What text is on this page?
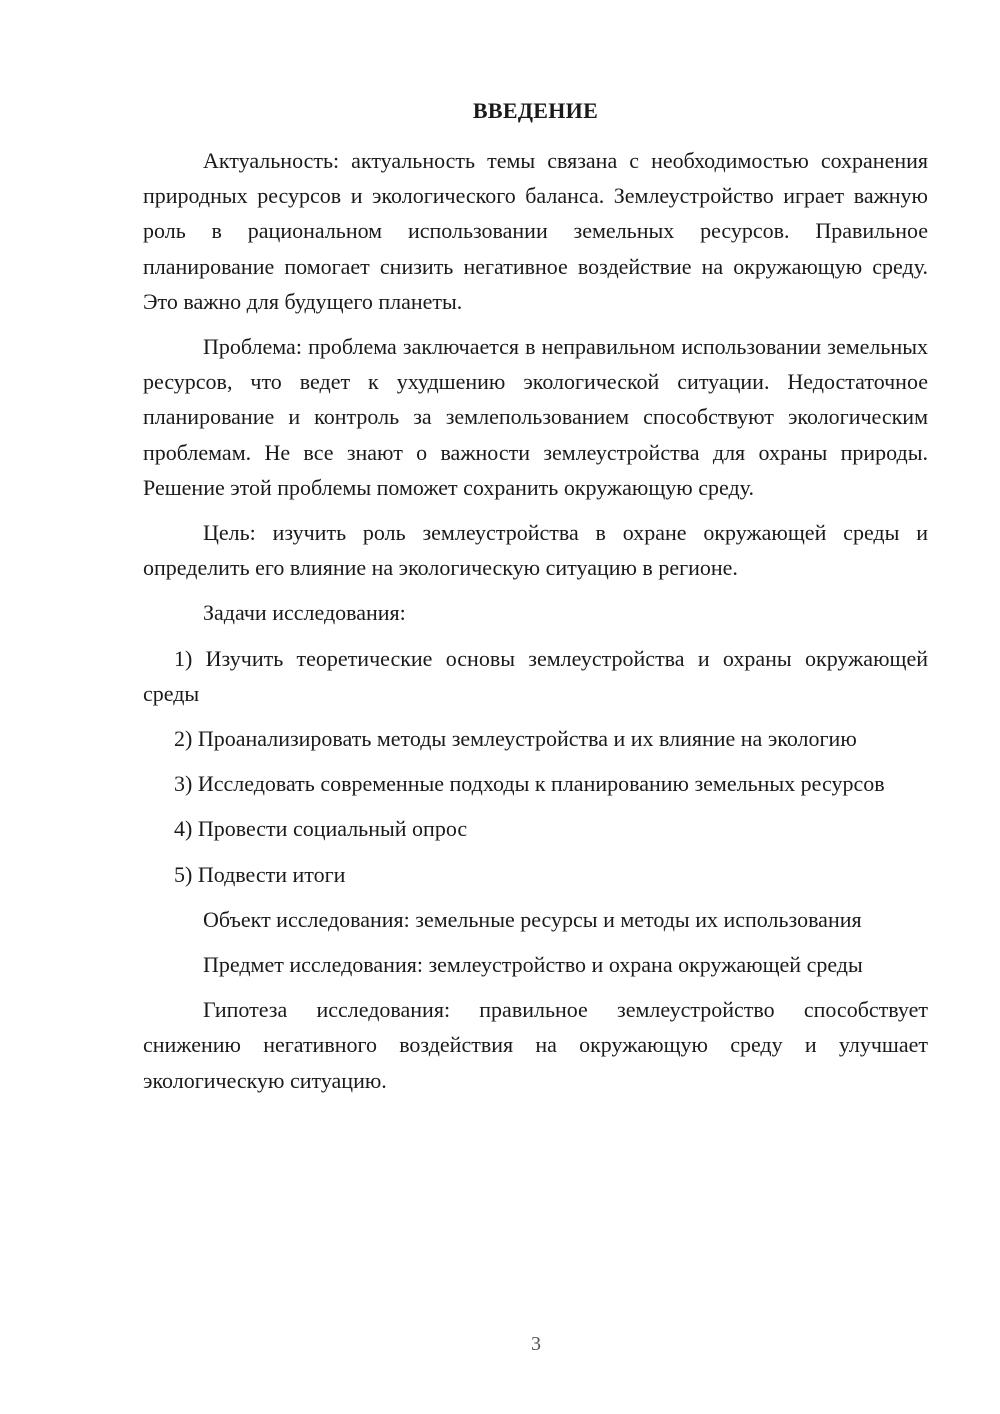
ВВЕДЕНИЕ

Актуальность: актуальность темы связана с необходимостью сохранения природных ресурсов и экологического баланса. Землеустройство играет важную роль в рациональном использовании земельных ресурсов. Правильное планирование помогает снизить негативное воздействие на окружающую среду. Это важно для будущего планеты.

Проблема: проблема заключается в неправильном использовании земельных ресурсов, что ведет к ухудшению экологической ситуации. Недостаточное планирование и контроль за землепользованием способствуют экологическим проблемам. Не все знают о важности землеустройства для охраны природы. Решение этой проблемы поможет сохранить окружающую среду.

Цель: изучить роль землеустройства в охране окружающей среды и определить его влияние на экологическую ситуацию в регионе.

Задачи исследования:

1) Изучить теоретические основы землеустройства и охраны окружающей среды

2) Проанализировать методы землеустройства и их влияние на экологию

3) Исследовать современные подходы к планированию земельных ресурсов

4) Провести социальный опрос

5) Подвести итоги

Объект исследования: земельные ресурсы и методы их использования

Предмет исследования: землеустройство и охрана окружающей среды

Гипотеза исследования: правильное землеустройство способствует снижению негативного воздействия на окружающую среду и улучшает экологическую ситуацию.

3
